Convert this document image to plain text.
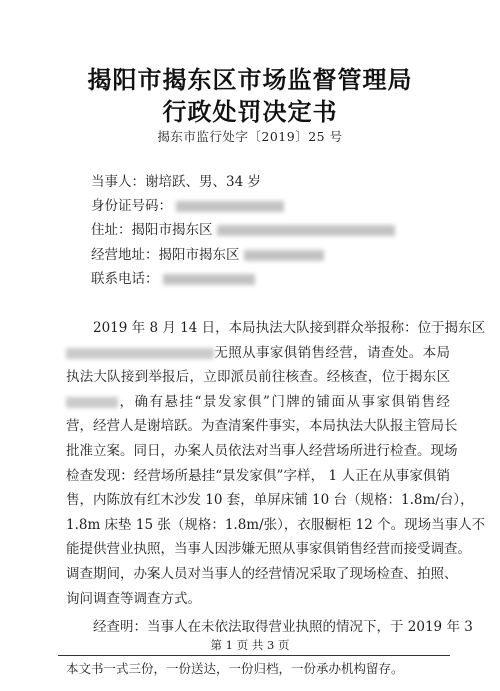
揭阳市揭东区市场监督管理局
行政处罚决定书
揭东市监行处字〔2019〕25 号
当事人：谢培跃、男、34 岁
身份证号码：
住址：揭阳市揭东区
经营地址：揭阳市揭东区
联系电话：
2019 年 8 月 14 日，本局执法大队接到群众举报称：位于揭东区
无照从事家俱销售经营，请查处。本局
执法大队接到举报后，立即派员前往核查。经核查，位于揭东区
，确有悬挂“景发家俱”门牌的铺面从事家俱销售经
营，经营人是谢培跃。为查清案件事实，本局执法大队报主管局长
批准立案。同日，办案人员依法对当事人经营场所进行检查。现场
检查发现：经营场所悬挂“景发家俱”字样， 1 人正在从事家俱销
售，内陈放有红木沙发 10 套，单屏床铺 10 台（规格：1.8m/台），
1.8m 床垫 15 张（规格：1.8m/张），衣服橱柜 12 个。现场当事人不
能提供营业执照，当事人因涉嫌无照从事家俱销售经营而接受调查。
调查期间，办案人员对当事人的经营情况采取了现场检查、拍照、
询问调查等调查方式。
经查明：当事人在未依法取得营业执照的情况下，于 2019 年 3
第 1 页 共 3 页
本文书一式三份，一份送达，一份归档，一份承办机构留存。
